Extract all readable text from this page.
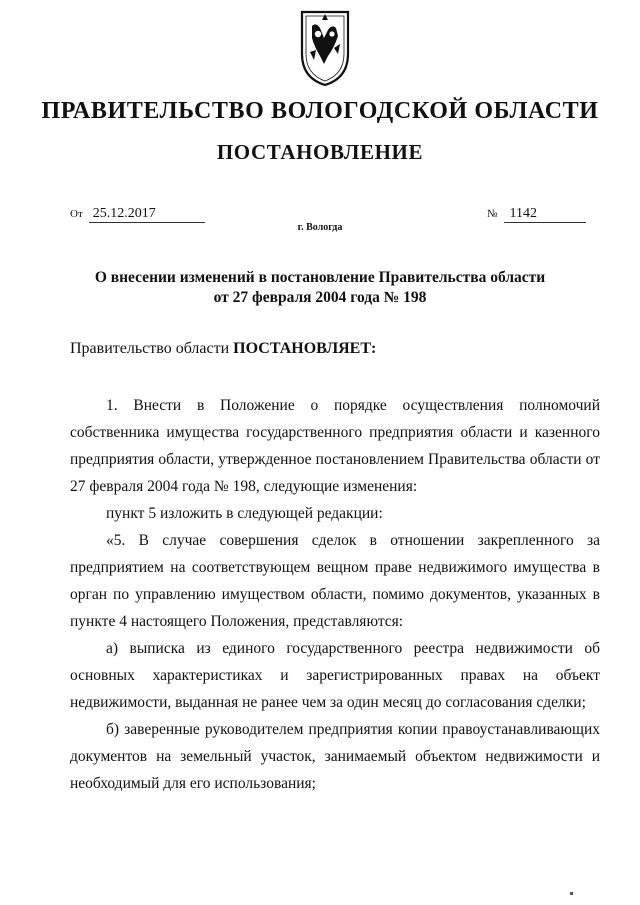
ПРАВИТЕЛЬСТВО ВОЛОГОДСКОЙ ОБЛАСТИ
ПОСТАНОВЛЕНИЕ
От 25.12.2017	№ 1142
г. Вологда
О внесении изменений в постановление Правительства области
от 27 февраля 2004 года № 198
Правительство области ПОСТАНОВЛЯЕТ:

1. Внести в Положение о порядке осуществления полномочий собственника имущества государственного предприятия области и казенного предприятия области, утвержденное постановлением Правительства области от 27 февраля 2004 года № 198, следующие изменения:

пункт 5 изложить в следующей редакции:

«5. В случае совершения сделок в отношении закрепленного за предприятием на соответствующем вещном праве недвижимого имущества в орган по управлению имуществом области, помимо документов, указанных в пункте 4 настоящего Положения, представляются:

а) выписка из единого государственного реестра недвижимости об основных характеристиках и зарегистрированных правах на объект недвижимости, выданная не ранее чем за один месяц до согласования сделки;

б) заверенные руководителем предприятия копии правоустанавливающих документов на земельный участок, занимаемый объектом недвижимости и необходимый для его использования;
